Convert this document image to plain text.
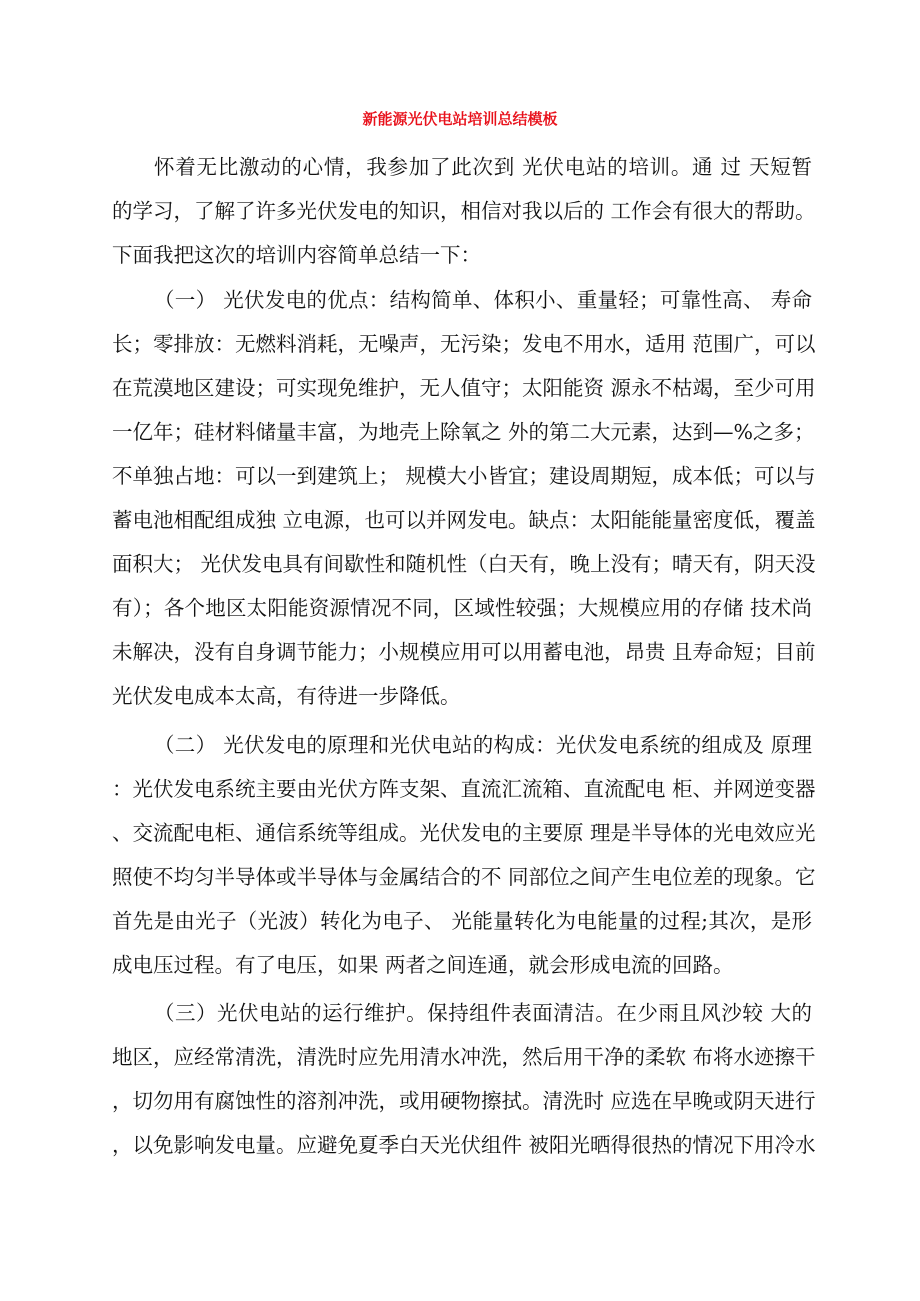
新能源光伏电站培训总结模板
怀着无比激动的心情，我参加了此次到 光伏电站的培训。通 过 天短暂
的学习，了解了许多光伏发电的知识，相信对我以后的 工作会有很大的帮助。
下面我把这次的培训内容简单总结一下：
（一） 光伏发电的优点：结构简单、体积小、重量轻；可靠性高、 寿命
长；零排放：无燃料消耗，无噪声，无污染；发电不用水，适用 范围广，可以
在荒漠地区建设；可实现免维护，无人值守；太阳能资 源永不枯竭，至少可用
一亿年；硅材料储量丰富，为地壳上除氧之 外的第二大元素，达到—%之多；
不单独占地：可以一到建筑上； 规模大小皆宜；建设周期短，成本低；可以与
蓄电池相配组成独 立电源，也可以并网发电。缺点：太阳能能量密度低，覆盖
面积大； 光伏发电具有间歇性和随机性（白天有，晚上没有；晴天有，阴天没
有）；各个地区太阳能资源情况不同，区域性较强；大规模应用的存储 技术尚
未解决，没有自身调节能力；小规模应用可以用蓄电池，昂贵 且寿命短；目前
光伏发电成本太高，有待进一步降低。
（二） 光伏发电的原理和光伏电站的构成：光伏发电系统的组成及 原理
：光伏发电系统主要由光伏方阵支架、直流汇流箱、直流配电 柜、并网逆变器
、交流配电柜、通信系统等组成。光伏发电的主要原 理是半导体的光电效应光
照使不均匀半导体或半导体与金属结合的不 同部位之间产生电位差的现象。它
首先是由光子（光波）转化为电子、 光能量转化为电能量的过程;其次，是形
成电压过程。有了电压，如果 两者之间连通，就会形成电流的回路。
（三）光伏电站的运行维护。保持组件表面清洁。在少雨且风沙较 大的
地区，应经常清洗，清洗时应先用清水冲洗，然后用干净的柔软 布将水迹擦干
，切勿用有腐蚀性的溶剂冲洗，或用硬物擦拭。清洗时 应选在早晚或阴天进行
，以免影响发电量。应避免夏季白天光伏组件 被阳光晒得很热的情况下用冷水
